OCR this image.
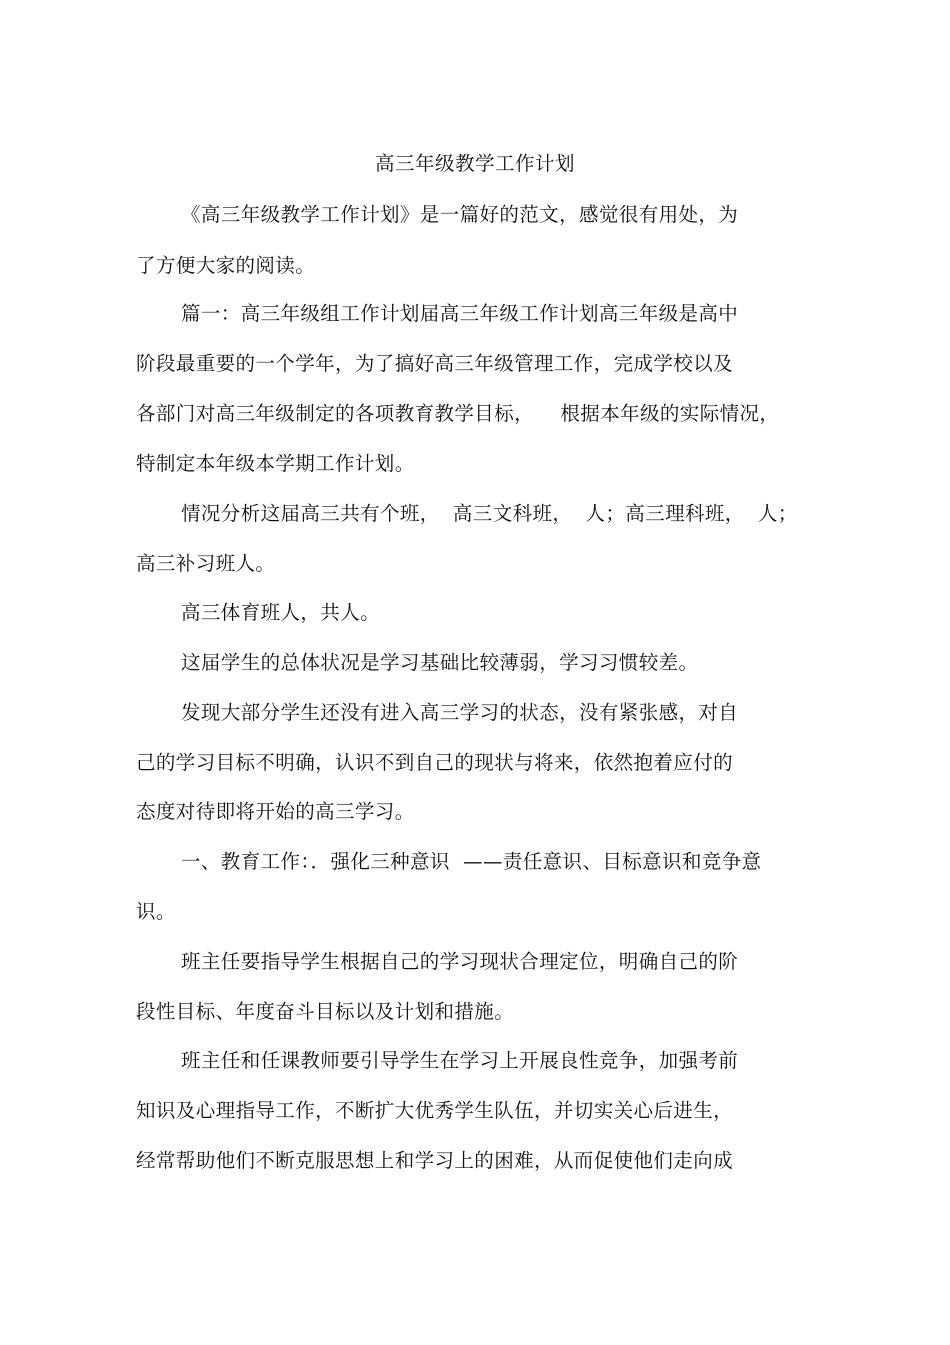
高三年级教学工作计划
《高三年级教学工作计划》是一篇好的范文，感觉很有用处，为
了方便大家的阅读。
篇一：高三年级组工作计划届高三年级工作计划高三年级是高中
阶段最重要的一个学年，为了搞好高三年级管理工作，完成学校以及
各部门对高三年级制定的各项教育教学目标，    根据本年级的实际情况，
特制定本年级本学期工作计划。
情况分析这届高三共有个班，  高三文科班，  人；高三理科班，  人；
高三补习班人。
高三体育班人，共人。
这届学生的总体状况是学习基础比较薄弱，学习习惯较差。
发现大部分学生还没有进入高三学习的状态，没有紧张感，对自
己的学习目标不明确，认识不到自己的现状与将来，依然抱着应付的
态度对待即将开始的高三学习。
一、教育工作：．强化三种意识  ——责任意识、目标意识和竞争意
识。
班主任要指导学生根据自己的学习现状合理定位，明确自己的阶
段性目标、年度奋斗目标以及计划和措施。
班主任和任课教师要引导学生在学习上开展良性竞争，加强考前
知识及心理指导工作，不断扩大优秀学生队伍，并切实关心后进生，
经常帮助他们不断克服思想上和学习上的困难，从而促使他们走向成
